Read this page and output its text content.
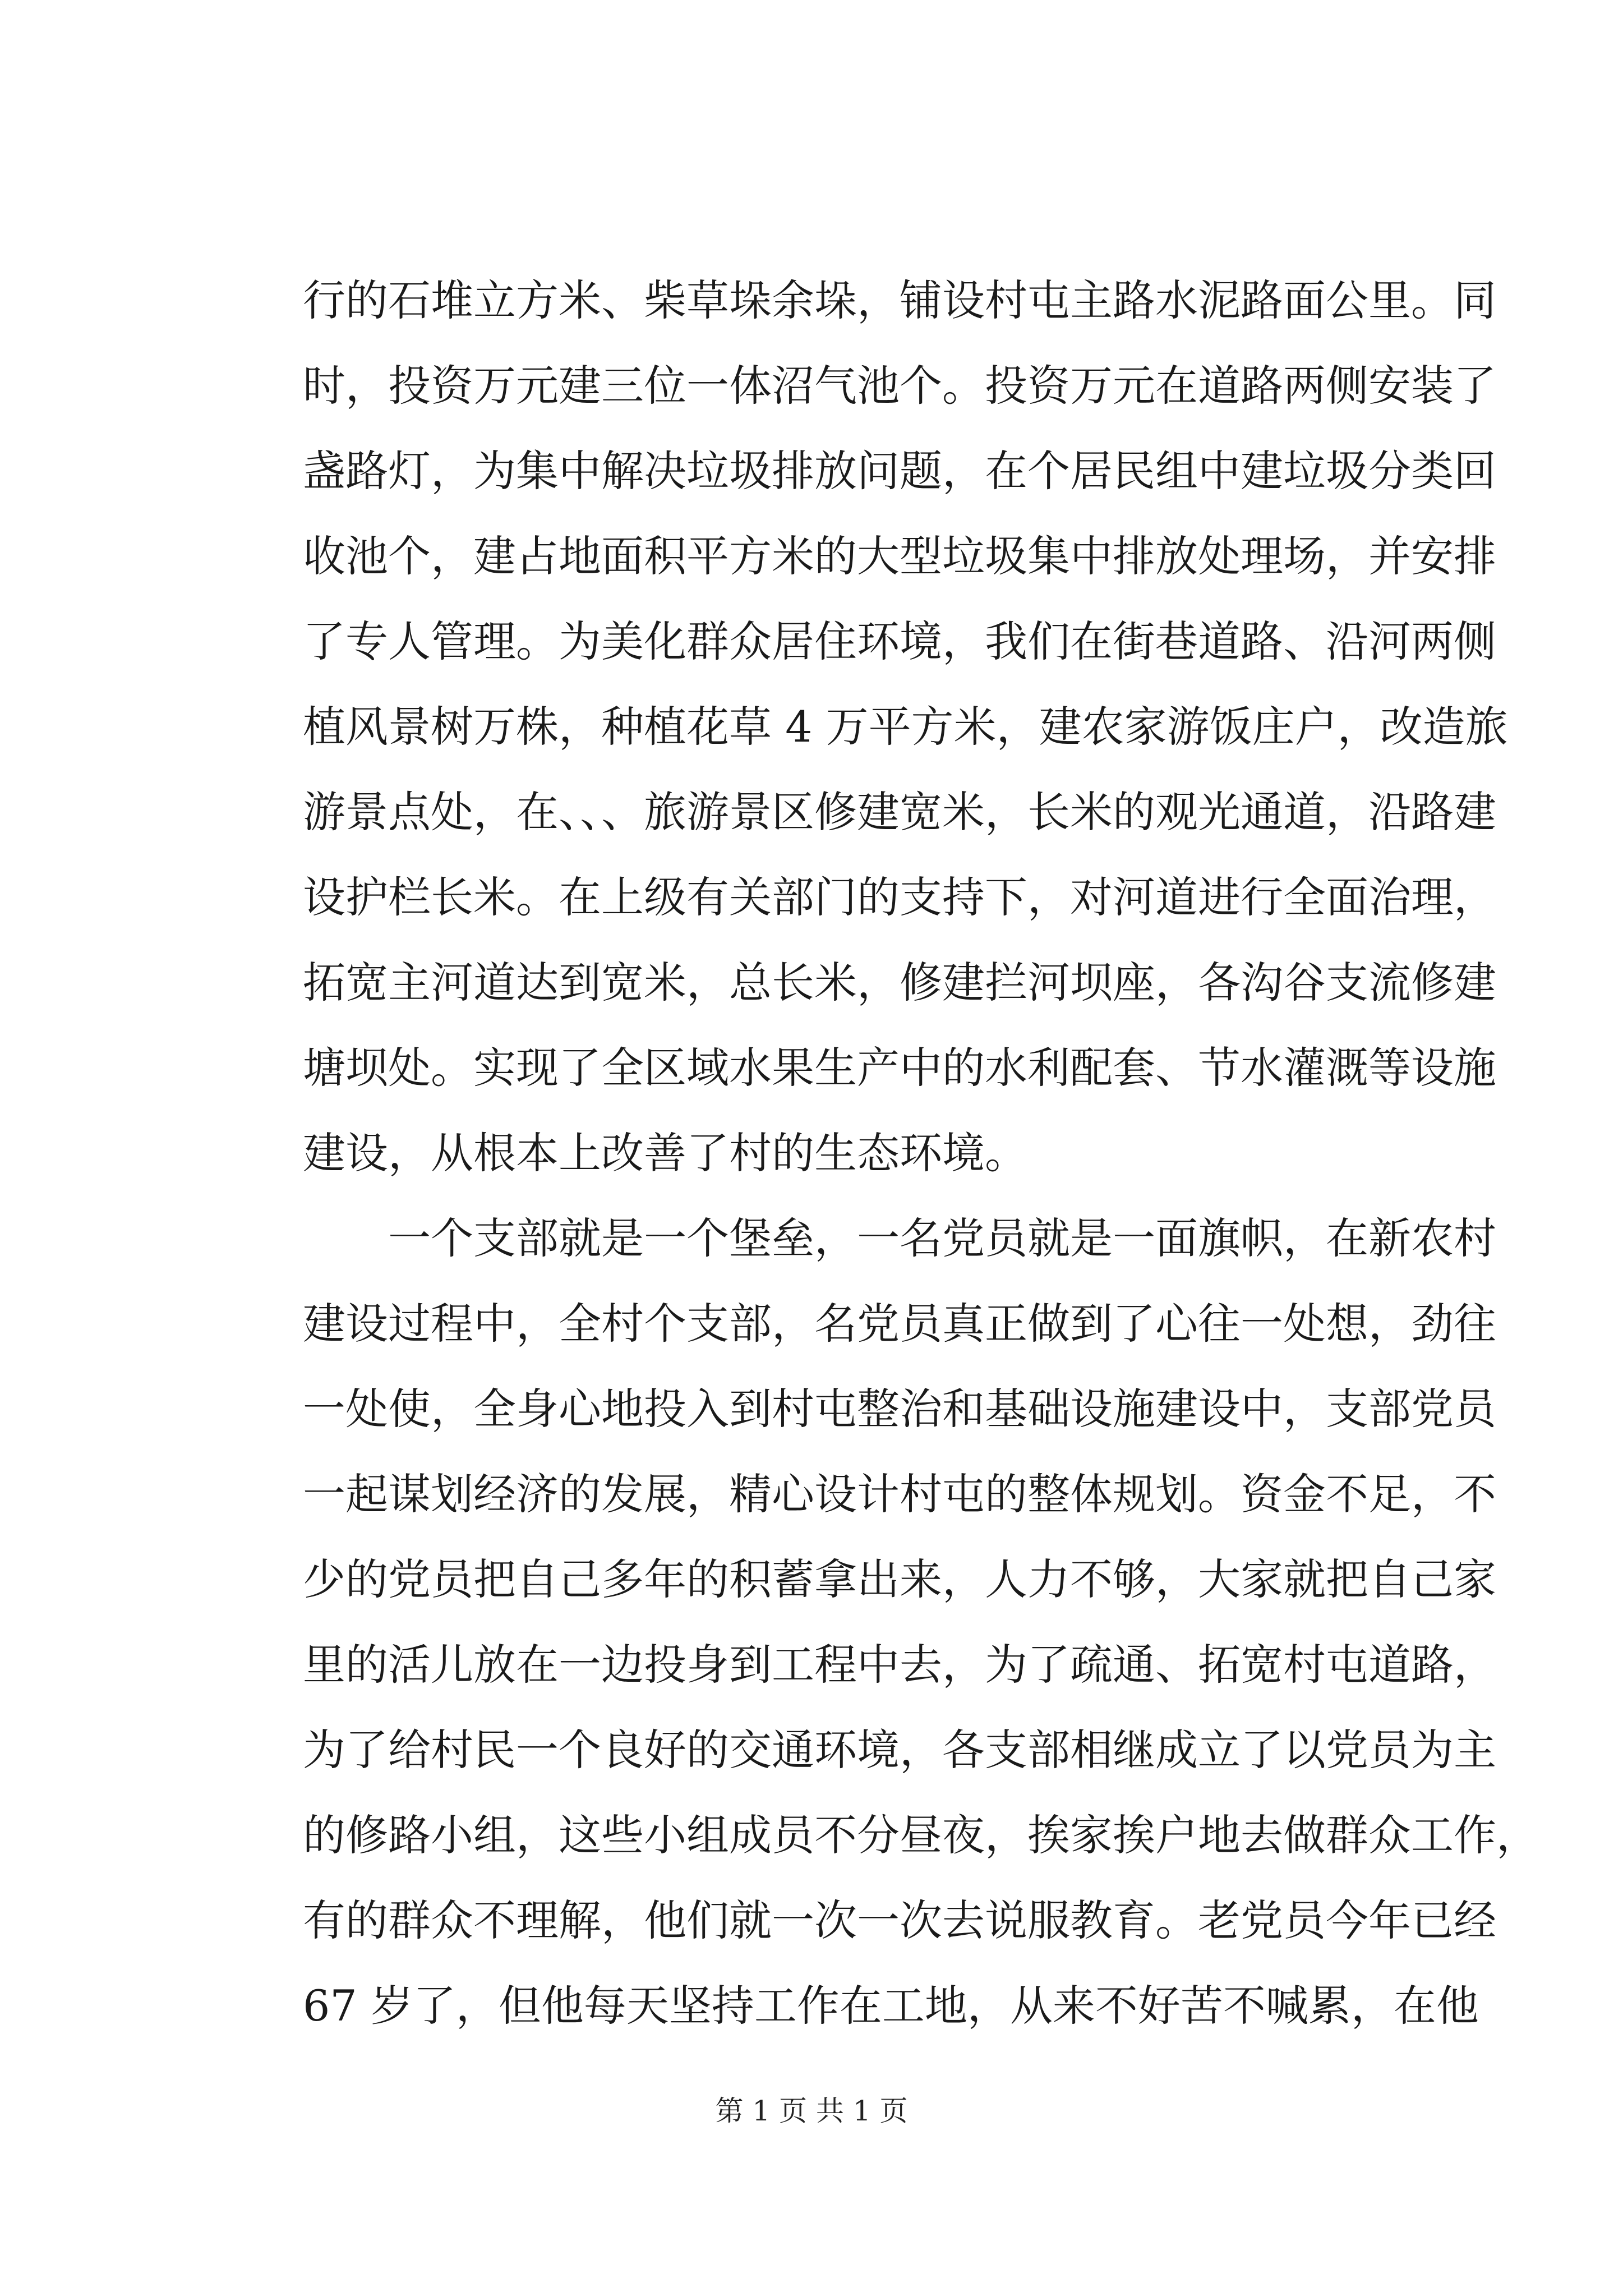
行的石堆立方米、柴草垛余垛，铺设村屯主路水泥路面公里。同
时，投资万元建三位一体沼气池个。投资万元在道路两侧安装了
盏路灯，为集中解决垃圾排放问题，在个居民组中建垃圾分类回
收池个，建占地面积平方米的大型垃圾集中排放处理场，并安排
了专人管理。为美化群众居住环境，我们在街巷道路、沿河两侧
植风景树万株，种植花草 4 万平方米，建农家游饭庄户，改造旅
游景点处，在、、、旅游景区修建宽米，长米的观光通道，沿路建
设护栏长米。在上级有关部门的支持下，对河道进行全面治理，
拓宽主河道达到宽米，总长米，修建拦河坝座，各沟谷支流修建
塘坝处。实现了全区域水果生产中的水利配套、节水灌溉等设施
建设，从根本上改善了村的生态环境。
一个支部就是一个堡垒，一名党员就是一面旗帜，在新农村
建设过程中，全村个支部，名党员真正做到了心往一处想，劲往
一处使，全身心地投入到村屯整治和基础设施建设中，支部党员
一起谋划经济的发展，精心设计村屯的整体规划。资金不足，不
少的党员把自己多年的积蓄拿出来，人力不够，大家就把自己家
里的活儿放在一边投身到工程中去，为了疏通、拓宽村屯道路，
为了给村民一个良好的交通环境，各支部相继成立了以党员为主
的修路小组，这些小组成员不分昼夜，挨家挨户地去做群众工作，
有的群众不理解，他们就一次一次去说服教育。老党员今年已经
67 岁了，但他每天坚持工作在工地，从来不好苦不喊累，在他
第 1 页 共 1 页
